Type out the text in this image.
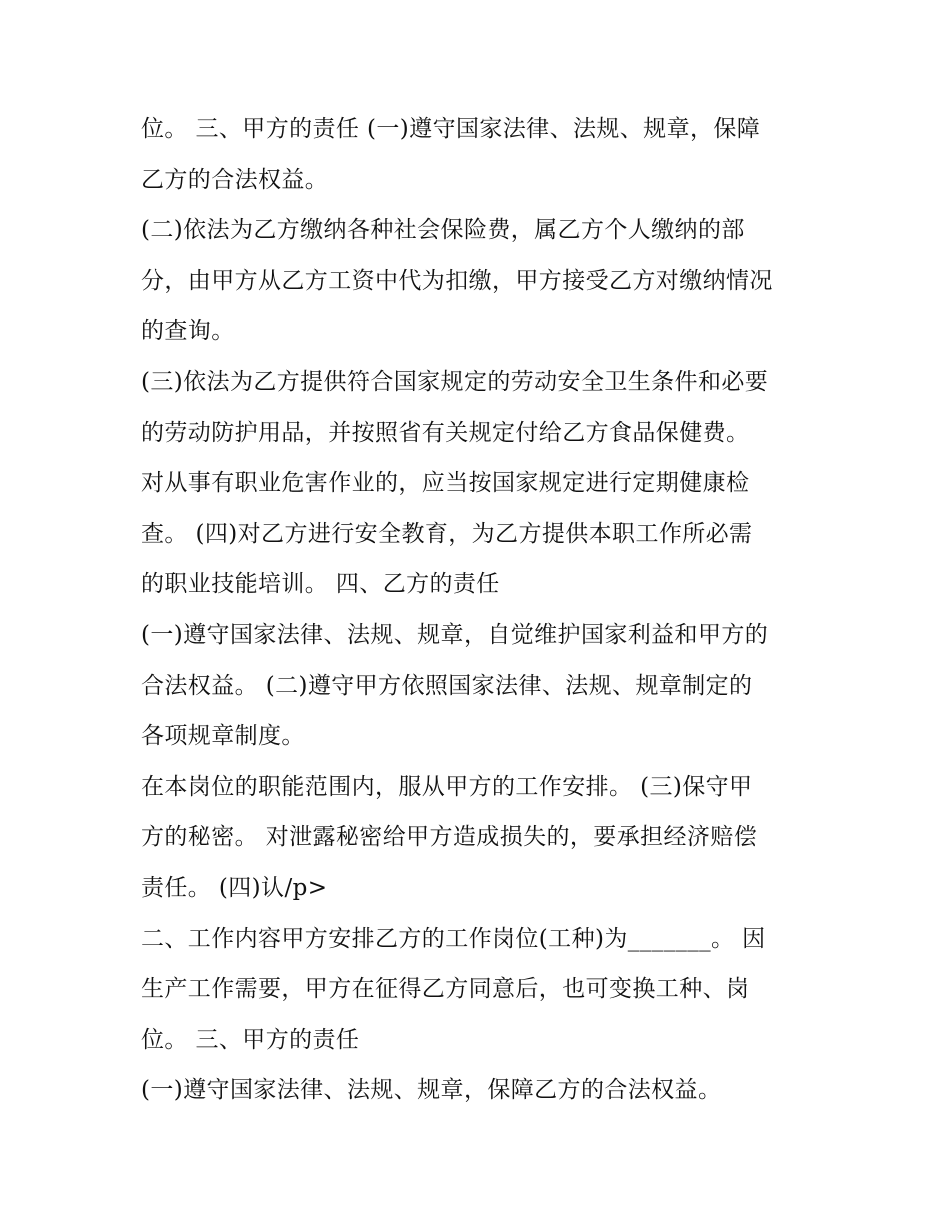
位。 三、甲方的责任 (一)遵守国家法律、法规、规章，保障
乙方的合法权益。
(二)依法为乙方缴纳各种社会保险费，属乙方个人缴纳的部
分，由甲方从乙方工资中代为扣缴，甲方接受乙方对缴纳情况
的查询。
(三)依法为乙方提供符合国家规定的劳动安全卫生条件和必要
的劳动防护用品，并按照省有关规定付给乙方食品保健费。
对从事有职业危害作业的，应当按国家规定进行定期健康检
查。 (四)对乙方进行安全教育，为乙方提供本职工作所必需
的职业技能培训。 四、乙方的责任
(一)遵守国家法律、法规、规章，自觉维护国家利益和甲方的
合法权益。 (二)遵守甲方依照国家法律、法规、规章制定的
各项规章制度。
在本岗位的职能范围内，服从甲方的工作安排。 (三)保守甲
方的秘密。 对泄露秘密给甲方造成损失的，要承担经济赔偿
责任。 (四)认/p>
二、工作内容甲方安排乙方的工作岗位(工种)为_______。 因
生产工作需要，甲方在征得乙方同意后，也可变换工种、岗
位。 三、甲方的责任
(一)遵守国家法律、法规、规章，保障乙方的合法权益。
